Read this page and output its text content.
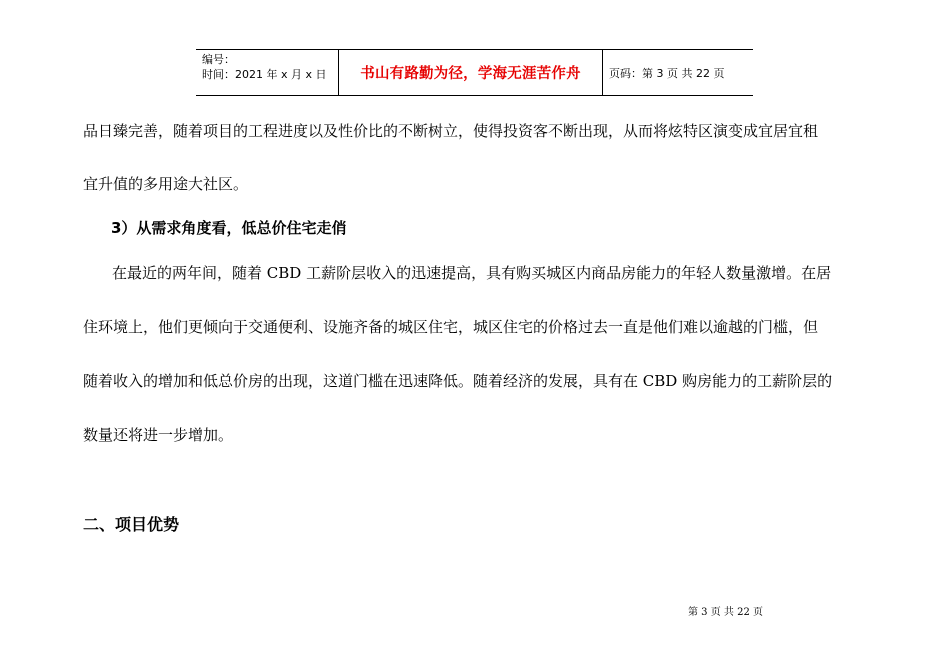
编号：
时间：2021 年 x 月 x 日	书山有路勤为径，学海无涯苦作舟	页码：第 3 页 共 22 页

品日臻完善，随着项目的工程进度以及性价比的不断树立，使得投资客不断出现，从而将炫特区演变成宜居宜租

宜升值的多用途大社区。

3）从需求角度看，低总价住宅走俏

在最近的两年间，随着 CBD 工薪阶层收入的迅速提高，具有购买城区内商品房能力的年轻人数量激增。在居

住环境上，他们更倾向于交通便利、设施齐备的城区住宅，城区住宅的价格过去一直是他们难以逾越的门槛，但

随着收入的增加和低总价房的出现，这道门槛在迅速降低。随着经济的发展，具有在 CBD 购房能力的工薪阶层的

数量还将进一步增加。

二、项目优势
第 3 页 共 22 页
